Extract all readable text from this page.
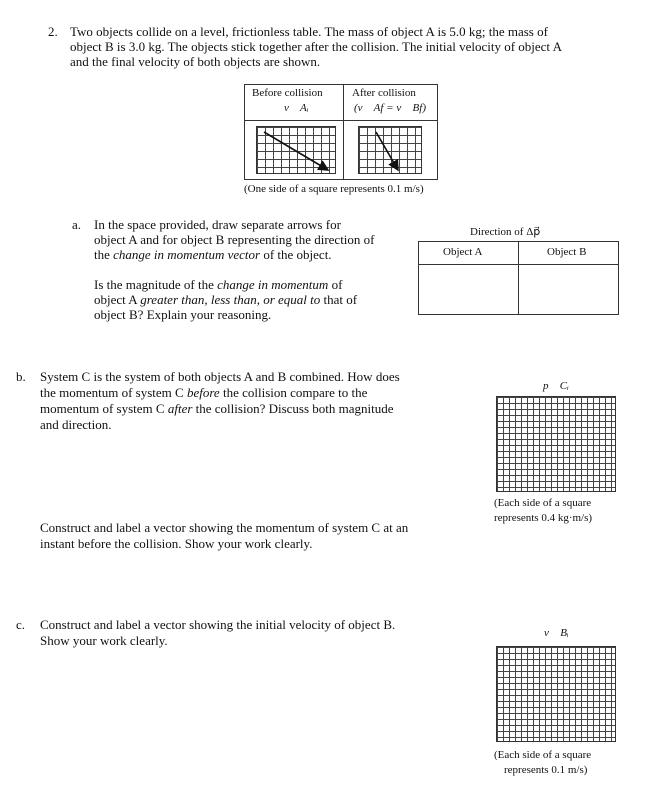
2. Two objects collide on a level, frictionless table. The mass of object A is 5.0 kg; the mass of
object B is 3.0 kg. The objects stick together after the collision. The initial velocity of object A
and the final velocity of both objects are shown.
Before collision
v⃗ Aᵢ
After collision
(v⃗ Af = v⃗ Bf)
(One side of a square represents 0.1 m/s)
a. In the space provided, draw separate arrows for
object A and for object B representing the direction of
the change in momentum vector of the object.
Is the magnitude of the change in momentum of
object A greater than, less than, or equal to that of
object B? Explain your reasoning.
Direction of Δp⃗
Object A	Object B
b. System C is the system of both objects A and B combined. How does
the momentum of system C before the collision compare to the
momentum of system C after the collision? Discuss both magnitude
and direction.
p⃗ Cᵢ
(Each side of a square
represents 0.4 kg·m/s)
Construct and label a vector showing the momentum of system C at an
instant before the collision. Show your work clearly.
c. Construct and label a vector showing the initial velocity of object B.
Show your work clearly.	v⃗ Bᵢ
(Each side of a square
represents 0.1 m/s)
